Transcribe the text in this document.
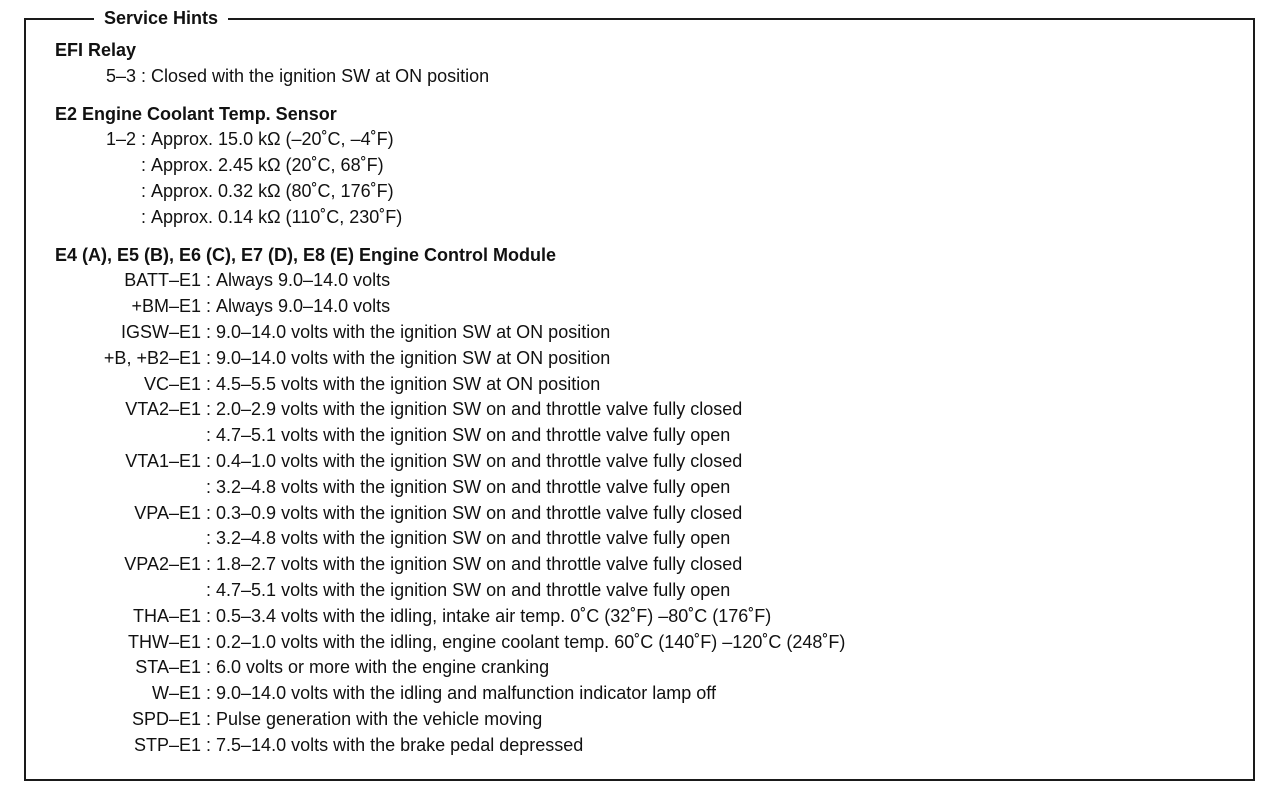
Service Hints
EFI Relay
5–3 : Closed with the ignition SW at ON position
E2 Engine Coolant Temp. Sensor
1–2 : Approx. 15.0 kΩ (–20˚C, –4˚F)
: Approx. 2.45 kΩ (20˚C, 68˚F)
: Approx. 0.32 kΩ (80˚C, 176˚F)
: Approx. 0.14 kΩ (110˚C, 230˚F)
E4 (A), E5 (B), E6 (C), E7 (D), E8 (E) Engine Control Module
BATT–E1 : Always 9.0–14.0 volts
+BM–E1 : Always 9.0–14.0 volts
IGSW–E1 : 9.0–14.0 volts with the ignition SW at ON position
+B, +B2–E1 : 9.0–14.0 volts with the ignition SW at ON position
VC–E1 : 4.5–5.5 volts with the ignition SW at ON position
VTA2–E1 : 2.0–2.9 volts with the ignition SW on and throttle valve fully closed
: 4.7–5.1 volts with the ignition SW on and throttle valve fully open
VTA1–E1 : 0.4–1.0 volts with the ignition SW on and throttle valve fully closed
: 3.2–4.8 volts with the ignition SW on and throttle valve fully open
VPA–E1 : 0.3–0.9 volts with the ignition SW on and throttle valve fully closed
: 3.2–4.8 volts with the ignition SW on and throttle valve fully open
VPA2–E1 : 1.8–2.7 volts with the ignition SW on and throttle valve fully closed
: 4.7–5.1 volts with the ignition SW on and throttle valve fully open
THA–E1 : 0.5–3.4 volts with the idling, intake air temp. 0˚C (32˚F) –80˚C (176˚F)
THW–E1 : 0.2–1.0 volts with the idling, engine coolant temp. 60˚C (140˚F) –120˚C (248˚F)
STA–E1 : 6.0 volts or more with the engine cranking
W–E1 : 9.0–14.0 volts with the idling and malfunction indicator lamp off
SPD–E1 : Pulse generation with the vehicle moving
STP–E1 : 7.5–14.0 volts with the brake pedal depressed
